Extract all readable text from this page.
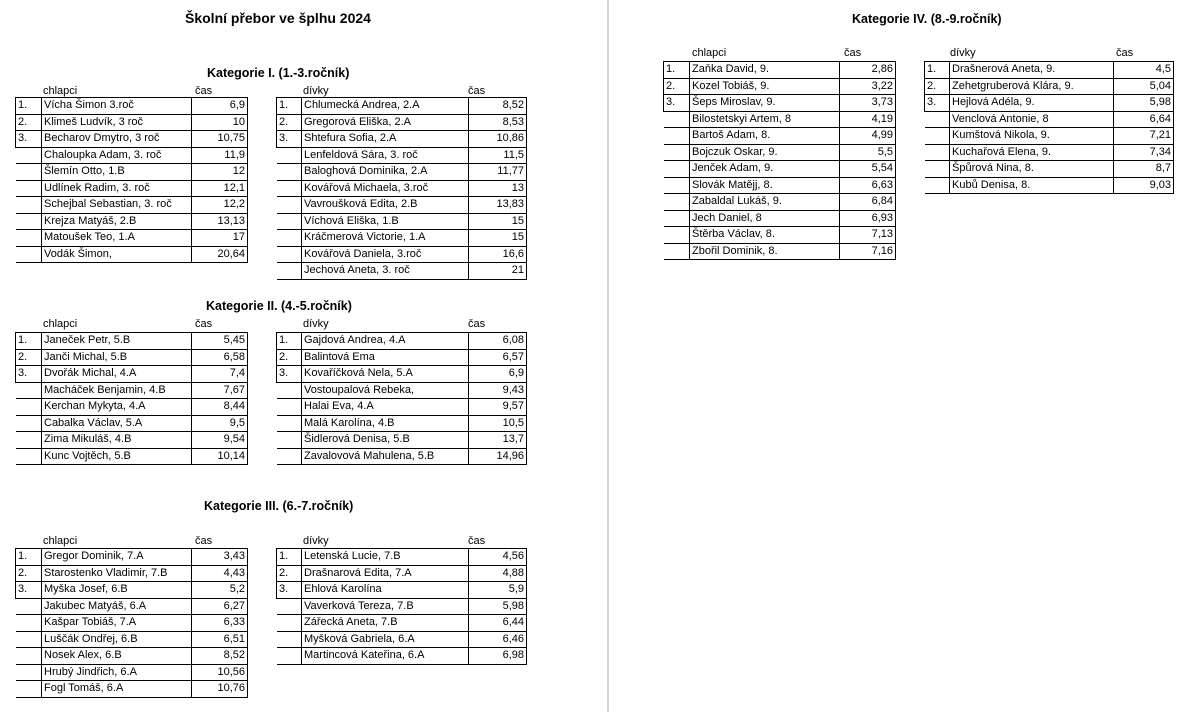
Školní přebor ve šplhu 2024
Kategorie I. (1.-3.ročník)
chlapci	čas	dívky	čas
1.	Vícha Šimon 3.roč	6,9
2.	Klimeš Ludvík, 3 roč	10
3.	Becharov Dmytro, 3 roč	10,75
	Chaloupka Adam, 3. roč	11,9
	Šlemín Otto, 1.B	12
	Udlínek Radim, 3. roč	12,1
	Schejbal Sebastian, 3. roč	12,2
	Krejza Matyáš, 2.B	13,13
	Matoušek Teo, 1.A	17
	Vodák Šimon,	20,64
1.	Chlumecká Andrea, 2.A	8,52
2.	Gregorová Eliška, 2.A	8,53
3.	Shtefura Sofia, 2.A	10,86
	Lenfeldová Sára, 3. roč	11,5
	Baloghová Dominika, 2.A	11,77
	Kovářová Michaela, 3.roč	13
	Vavroušková Edita, 2.B	13,83
	Víchová Eliška, 1.B	15
	Kráčmerová Victorie, 1.A	15
	Kovářová Daniela, 3.roč	16,6
	Jechová Aneta, 3. roč	21
Kategorie II. (4.-5.ročník)
chlapci	čas	dívky	čas
1.	Janeček Petr, 5.B	5,45
2.	Janči Michal, 5.B	6,58
3.	Dvořák Michal, 4.A	7,4
	Macháček Benjamin, 4.B	7,67
	Kerchan Mykyta, 4.A	8,44
	Cabalka Václav, 5.A	9,5
	Zima Mikuláš, 4.B	9,54
	Kunc Vojtěch, 5.B	10,14
1.	Gajdová Andrea, 4.A	6,08
2.	Balintová Ema	6,57
3.	Kovaříčková Nela, 5.A	6,9
	Vostoupalová Rebeka,	9,43
	Halai Eva, 4.A	9,57
	Malá Karolína, 4.B	10,5
	Šidlerová Denisa, 5.B	13,7
	Zavalovová Mahulena, 5.B	14,96
Kategorie III. (6.-7.ročník)
chlapci	čas	dívky	čas
1.	Gregor Dominik, 7.A	3,43
2.	Starostenko Vladimir, 7.B	4,43
3.	Myška Josef, 6.B	5,2
	Jakubec Matyáš, 6.A	6,27
	Kašpar Tobiáš, 7.A	6,33
	Luščák Ondřej, 6.B	6,51
	Nosek Alex, 6.B	8,52
	Hrubý Jindřich, 6.A	10,56
	Fogl Tomáš, 6.A	10,76
1.	Letenská Lucie, 7.B	4,56
2.	Drašnarová Edita, 7.A	4,88
3.	Ehlová Karolína	5,9
	Vaverková Tereza, 7.B	5,98
	Zářecká Aneta, 7.B	6,44
	Myšková Gabriela, 6.A	6,46
	Martincová Kateřina, 6.A	6,98
Kategorie IV. (8.-9.ročník)
chlapci	čas	dívky	čas
1.	Zaňka David, 9.	2,86
2.	Kozel Tobiáš, 9.	3,22
3.	Šeps Miroslav, 9.	3,73
	Bilostetskyi Artem, 8	4,19
	Bartoš Adam, 8.	4,99
	Bojczuk Oskar, 9.	5,5
	Jenček Adam, 9.	5,54
	Slovák Matějj, 8.	6,63
	Zabaldal Lukáš, 9.	6,84
	Jech Daniel, 8	6,93
	Štěrba Václav, 8.	7,13
	Zbořil Dominik, 8.	7,16
1.	Drašnerová Aneta, 9.	4,5
2.	Zehetgruberová Klára, 9.	5,04
3.	Hejlová Adéla, 9.	5,98
	Venclová Antonie, 8	6,64
	Kumštová Nikola, 9.	7,21
	Kuchařová Elena, 9.	7,34
	Špůrová Nina, 8.	8,7
	Kubů Denisa, 8.	9,03
